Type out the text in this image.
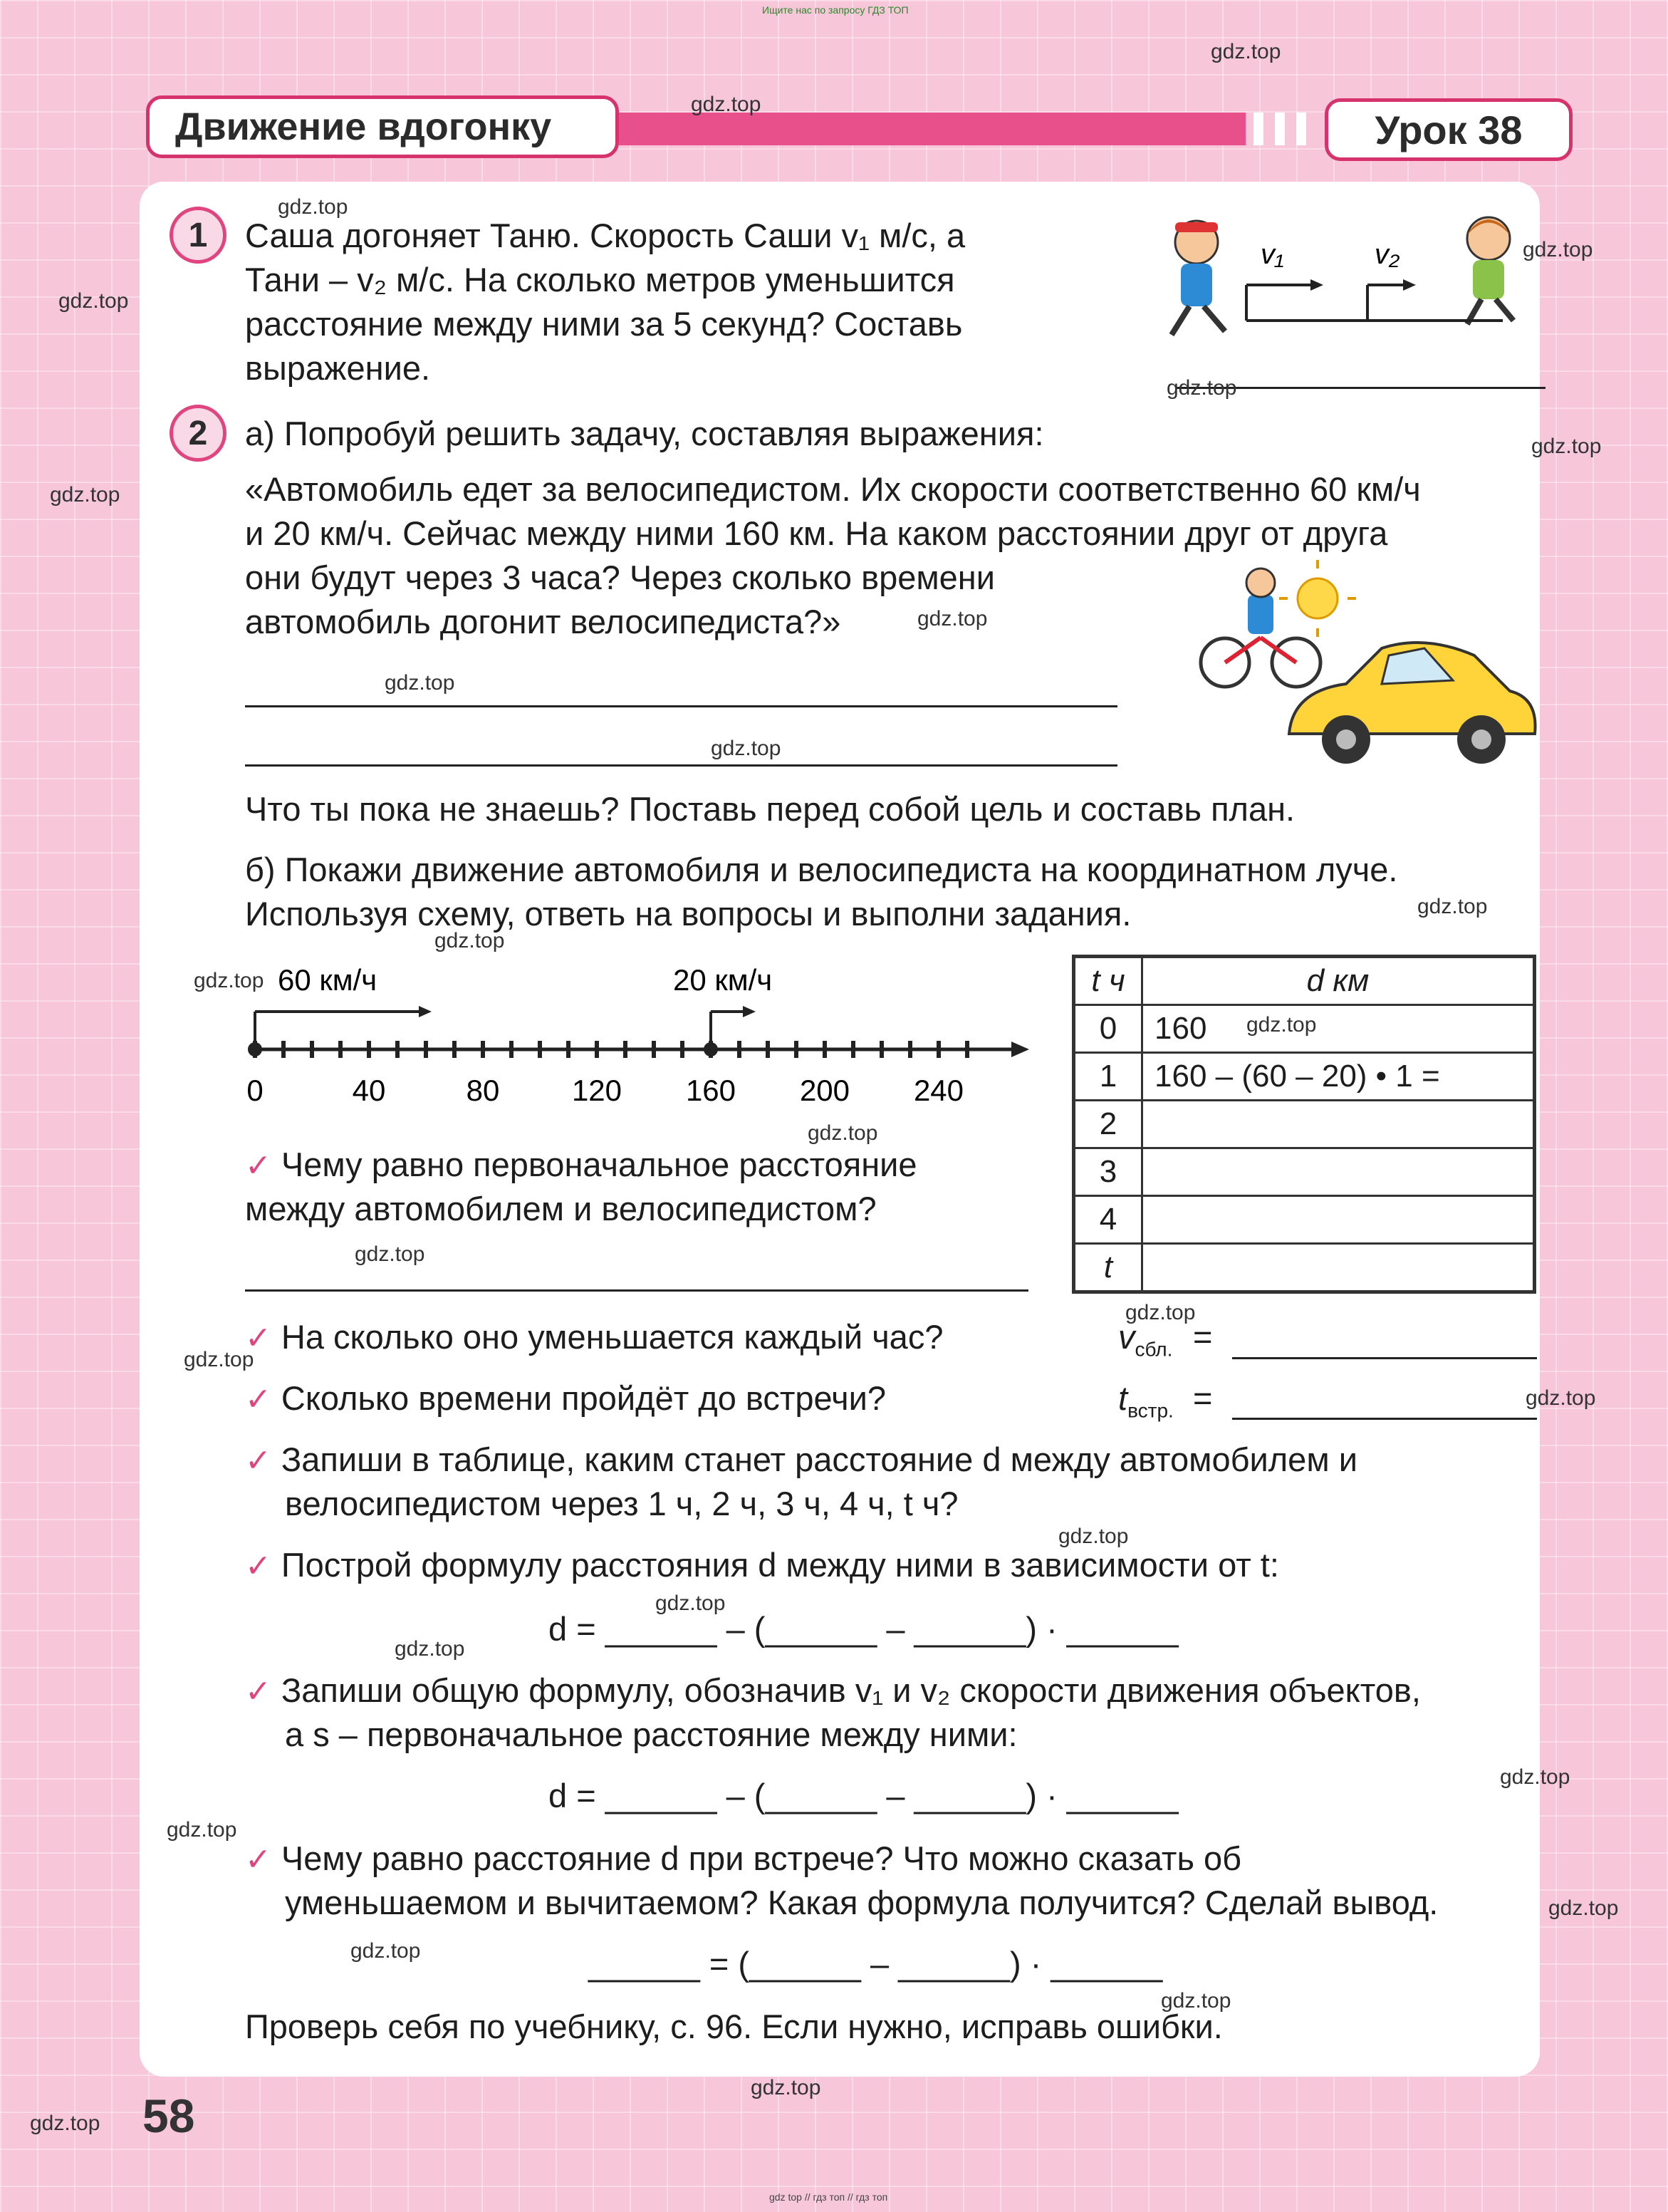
Ищите нас по запросу ГДЗ ТОП
Движение вдогонку	Урок 38
1	Саша догоняет Таню. Скорость Саши v₁ м/с, а
Тани – v₂ м/с. На сколько метров уменьшится
расстояние между ними за 5 секунд? Составь
выражение.
v₁	v₂
2	а) Попробуй решить задачу, составляя выражения:
«Автомобиль едет за велосипедистом. Их скорости соответственно 60 км/ч
и 20 км/ч. Сейчас между ними 160 км. На каком расстоянии друг от друга
они будут через 3 часа? Через сколько времени
автомобиль догонит велосипедиста?»
Что ты пока не знаешь? Поставь перед собой цель и составь план.
б) Покажи движение автомобиля и велосипедиста на координатном луче.
Используя схему, ответь на вопросы и выполни задания.
60 км/ч	20 км/ч
0	40	80 120 160 200 240
t ч	d км
0	160
1	160 – (60 – 20) • 1 =
2	
3	
4	
t	
✓ Чему равно первоначальное расстояние
между автомобилем и велосипедистом?
✓ На сколько оно уменьшается каждый час?	$v_{сбл.}$ =
✓ Сколько времени пройдёт до встречи?	$t_{встр.}$ =
✓ Запиши в таблице, каким станет расстояние d между автомобилем и
велосипедистом через 1 ч, 2 ч, 3 ч, 4 ч, t ч?
✓ Построй формулу расстояния d между ними в зависимости от t:
d = ______ – (______ – ______) · ______
✓ Запиши общую формулу, обозначив v₁ и v₂ скорости движения объектов,
а s – первоначальное расстояние между ними:
d = ______ – (______ – ______) · ______
✓ Чему равно расстояние d при встрече? Что можно сказать об
уменьшаемом и вычитаемом? Какая формула получится? Сделай вывод.
______ = (______ – ______) · ______
Проверь себя по учебнику, с. 96. Если нужно, исправь ошибки.
58
gdz.top
gdz.top
gdz.top
gdz.top
gdz.top
gdz.top
gdz.top
gdz.top
gdz.top
gdz.top
gdz.top
gdz.top
gdz.top
gdz.top
gdz.top
gdz.top
gdz.top
gdz.top
gdz.top
gdz.top
gdz.top
gdz.top
gdz.top
gdz.top
gdz.top
gdz.top
gdz.top
gdz.top
gdz.top
gdz.top
gdz top // гдз топ // гдз топ
